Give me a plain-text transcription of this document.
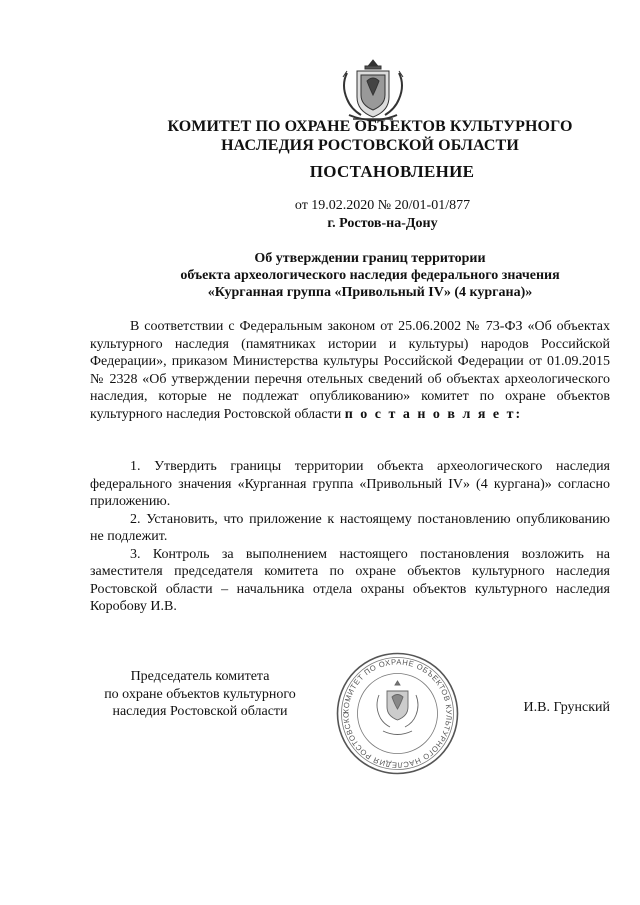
КОМИТЕТ ПО ОХРАНЕ ОБЪЕКТОВ КУЛЬТУРНОГО
НАСЛЕДИЯ РОСТОВСКОЙ ОБЛАСТИ
ПОСТАНОВЛЕНИЕ
от 19.02.2020 № 20/01-01/877
г. Ростов-на-Дону
Об утверждении границ территории
объекта археологического наследия федерального значения
«Курганная группа «Привольный IV» (4 кургана)»

В соответствии с Федеральным законом от 25.06.2002 № 73-ФЗ «Об объектах культурного наследия (памятниках истории и культуры) народов Российской Федерации», приказом Министерства культуры Российской Федерации от 01.09.2015 № 2328 «Об утверждении перечня отельных сведений об объектах археологического наследия, которые не подлежат опубликованию» комитет по охране объектов культурного наследия Ростовской области п о с т а н о в л я е т:

1. Утвердить границы территории объекта археологического наследия федерального значения «Курганная группа «Привольный IV» (4 кургана)» согласно приложению.

2. Установить, что приложение к настоящему постановлению опубликованию не подлежит.

3. Контроль за выполнением настоящего постановления возложить на заместителя председателя комитета по охране объектов культурного наследия Ростовской области – начальника отдела охраны объектов культурного наследия Коробову И.В.

Председатель комитета
по охране объектов культурного
наследия Ростовской области	КОМИТЕТ ПО ОХРАНЕ ОБЪЕКТОВ КУЛЬТУРНОГО НАСЛЕДИЯ РОСТОВСКО	И.В. Грунский
